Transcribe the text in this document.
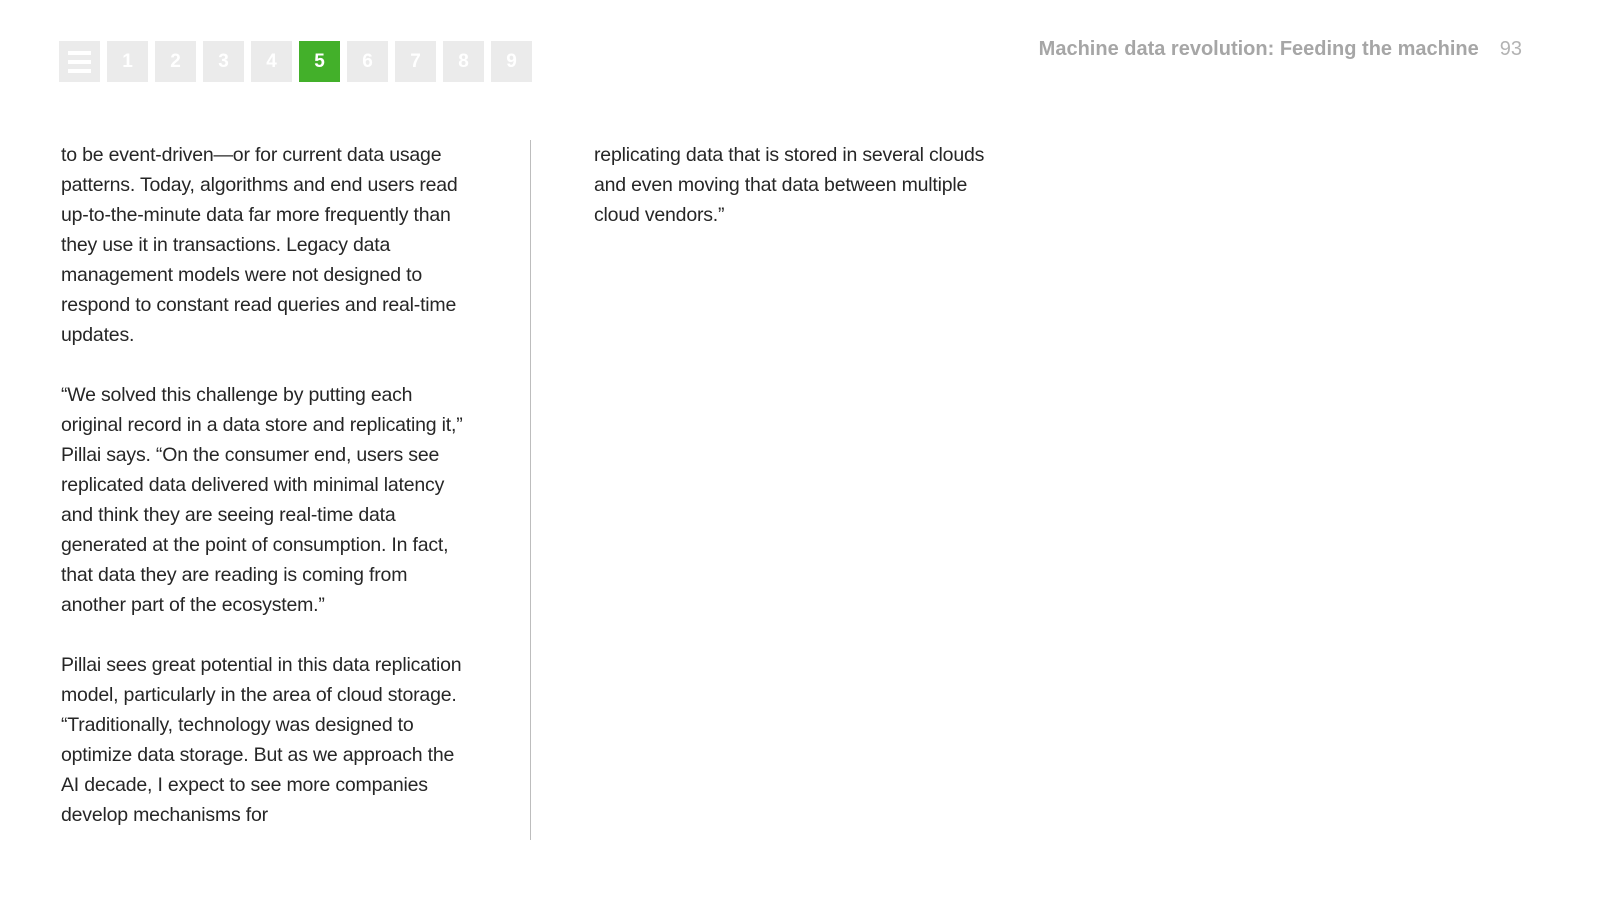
1	2	3	4	5	6	7	8	9
Machine data revolution: Feeding the machine 93

to be event-driven—or for current data usage patterns. Today, algorithms and end users read up-to-the-minute data far more frequently than they use it in transactions. Legacy data management models were not designed to respond to constant read queries and real-time updates.

“We solved this challenge by putting each original record in a data store and replicating it,” Pillai says. “On the consumer end, users see replicated data delivered with minimal latency and think they are seeing real-time data generated at the point of consumption. In fact, that data they are reading is coming from another part of the ecosystem.”

Pillai sees great potential in this data replication model, particularly in the area of cloud storage. “Traditionally, technology was designed to optimize data storage. But as we approach the AI decade, I expect to see more companies develop mechanisms for

replicating data that is stored in several clouds and even moving that data between multiple cloud vendors.”
